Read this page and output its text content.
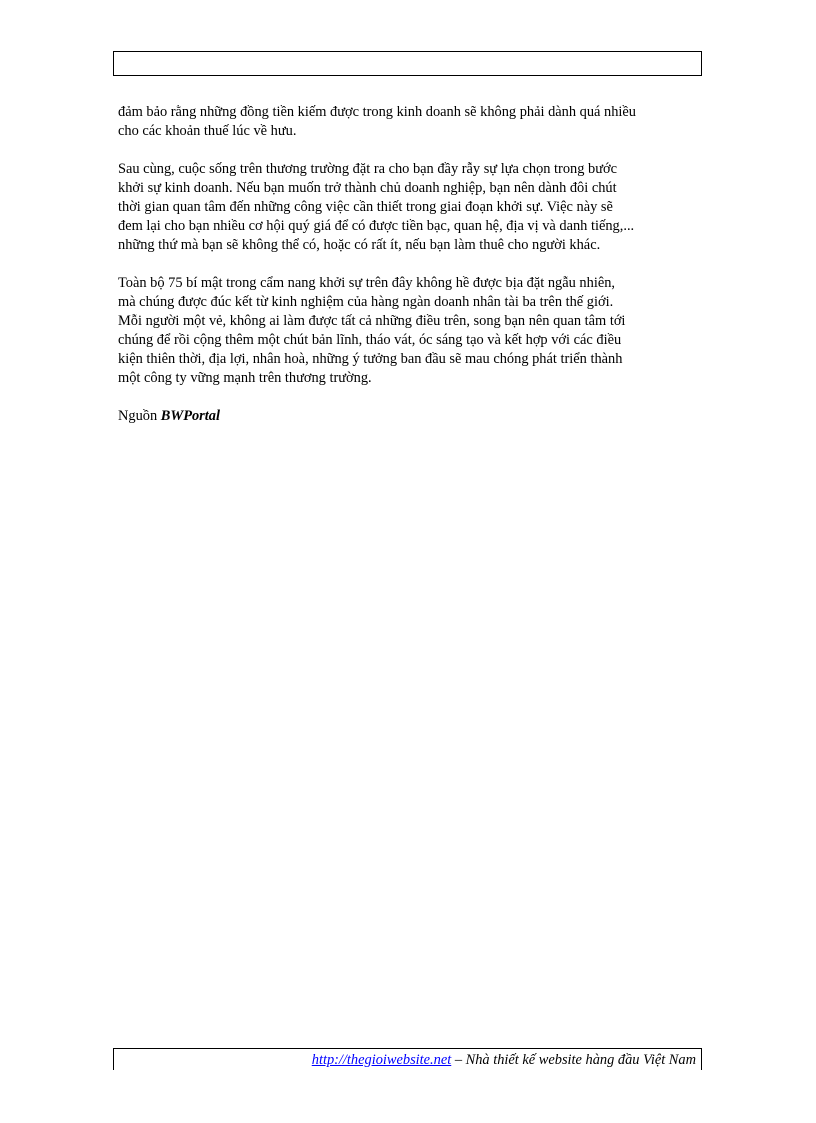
đảm bảo rằng những đồng tiền kiếm được trong kinh doanh sẽ không phải dành quá nhiều
cho các khoản thuế lúc về hưu.

Sau cùng, cuộc sống trên thương trường đặt ra cho bạn đầy rẫy sự lựa chọn trong bước
khởi sự kinh doanh. Nếu bạn muốn trở thành chủ doanh nghiệp, bạn nên dành đôi chút
thời gian quan tâm đến những công việc cần thiết trong giai đoạn khởi sự. Việc này sẽ
đem lại cho bạn nhiều cơ hội quý giá để có được tiền bạc, quan hệ, địa vị và danh tiếng,...
những thứ mà bạn sẽ không thể có, hoặc có rất ít, nếu bạn làm thuê cho người khác.

Toàn bộ 75 bí mật trong cẩm nang khởi sự trên đây không hề được bịa đặt ngẫu nhiên,
mà chúng được đúc kết từ kinh nghiệm của hàng ngàn doanh nhân tài ba trên thế giới.
Mỗi người một vẻ, không ai làm được tất cả những điều trên, song bạn nên quan tâm tới
chúng để rồi cộng thêm một chút bản lĩnh, tháo vát, óc sáng tạo và kết hợp với các điều
kiện thiên thời, địa lợi, nhân hoà, những ý tưởng ban đầu sẽ mau chóng phát triển thành
một công ty vững mạnh trên thương trường.

Nguồn BWPortal

http://thegioiwebsite.net – Nhà thiết kế website hàng đầu Việt Nam
